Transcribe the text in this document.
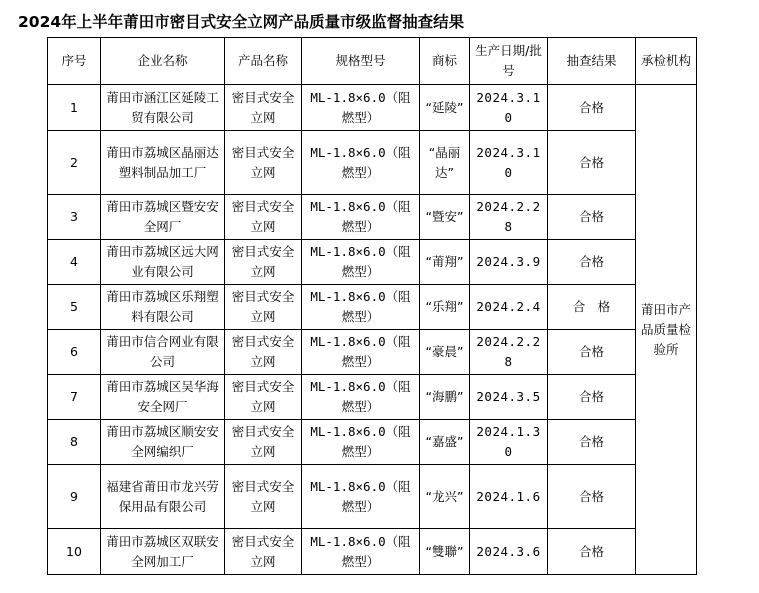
2024年上半年莆田市密目式安全立网产品质量市级监督抽查结果
序号	企业名称	产品名称	规格型号	商标	生产日期/批号	抽查结果	承检机构
1	莆田市涵江区延陵工贸有限公司	密目式安全立网	ML-1.8×6.0（阻燃型）	“延陵”	2024.3.10	合格	莆田市产品质量检验所
2	莆田市荔城区晶丽达塑料制品加工厂	密目式安全立网	ML-1.8×6.0（阻燃型）	“晶丽达”	2024.3.10	合格	
3	莆田市荔城区暨安安全网厂	密目式安全立网	ML-1.8×6.0（阻燃型）	“暨安”	2024.2.28	合格	
4	莆田市荔城区远大网业有限公司	密目式安全立网	ML-1.8×6.0（阻燃型）	“莆翔”	2024.3.9	合格	
5	莆田市荔城区乐翔塑料有限公司	密目式安全立网	ML-1.8×6.0（阻燃型）	“乐翔”	2024.2.4	合　格	
6	莆田市信合网业有限公司	密目式安全立网	ML-1.8×6.0（阻燃型）	“豪晨”	2024.2.28	合格	
7	莆田市荔城区吴华海安全网厂	密目式安全立网	ML-1.8×6.0（阻燃型）	“海鹏”	2024.3.5	合格	
8	莆田市荔城区顺安安全网编织厂	密目式安全立网	ML-1.8×6.0（阻燃型）	“嘉盛”	2024.1.30	合格	
9	福建省莆田市龙兴劳保用品有限公司	密目式安全立网	ML-1.8×6.0（阻燃型）	“龙兴”	2024.1.6	合格	
10	莆田市荔城区双联安全网加工厂	密目式安全立网	ML-1.8×6.0（阻燃型）	“雙聯”	2024.3.6	合格	
